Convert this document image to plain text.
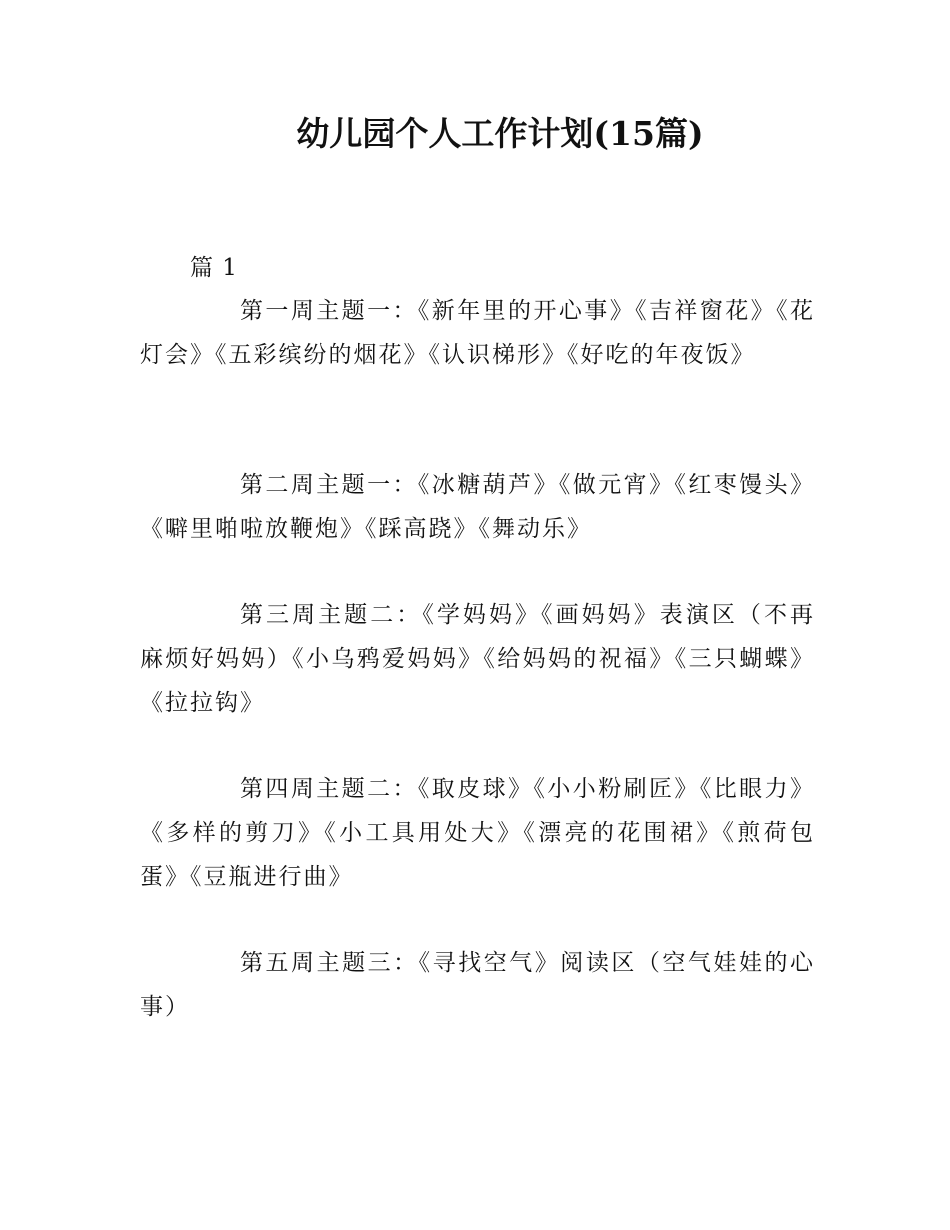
幼儿园个人工作计划(15篇)

篇 1

第一周主题一：《新年里的开心事》《吉祥窗花》《花灯会》《五彩缤纷的烟花》《认识梯形》《好吃的年夜饭》

第二周主题一：《冰糖葫芦》《做元宵》《红枣馒头》《噼里啪啦放鞭炮》《踩高跷》《舞动乐》

第三周主题二：《学妈妈》《画妈妈》表演区（不再麻烦好妈妈）《小乌鸦爱妈妈》《给妈妈的祝福》《三只蝴蝶》《拉拉钩》

第四周主题二：《取皮球》《小小粉刷匠》《比眼力》《多样的剪刀》《小工具用处大》《漂亮的花围裙》《煎荷包蛋》《豆瓶进行曲》

第五周主题三：《寻找空气》阅读区（空气娃娃的心事）
